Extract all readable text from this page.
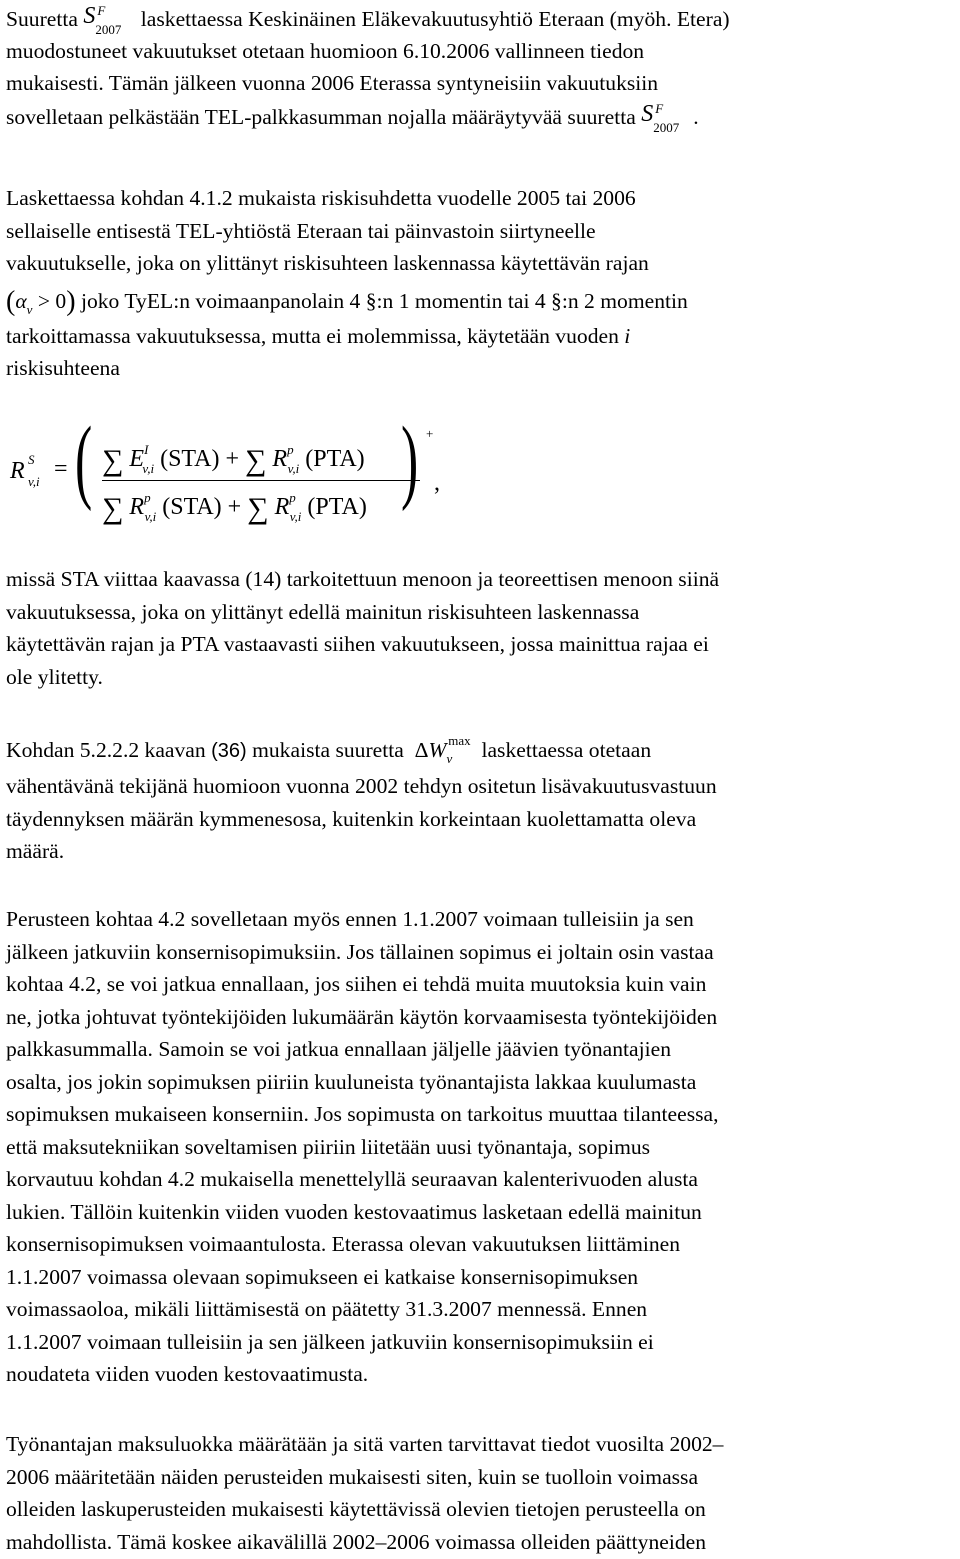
Suuretta S F
2007 laskettaessa Keskinäinen Eläkevakuutusyhtiö Eteraan (myöh. Etera)
muodostuneet vakuutukset otetaan huomioon 6.10.2006 vallinneen tiedon
mukaisesti. Tämän jälkeen vuonna 2006 Eterassa syntyneisiin vakuutuksiin
sovelletaan pelkästään TEL-palkkasumman nojalla määräytyvää suuretta S F
2007 .
Laskettaessa kohdan 4.1.2 mukaista riskisuhdetta vuodelle 2005 tai 2006
sellaiselle entisestä TEL-yhtiöstä Eteraan tai päinvastoin siirtyneelle
vakuutukselle, joka on ylittänyt riskisuhteen laskennassa käytettävän rajan
$(\alpha_v > 0)$ joko TyEL:n voimaanpanolain 4 §:n 1 momentin tai 4 §:n 2 momentin
tarkoittamassa vakuutuksessa, mutta ei molemmissa, käytetään vuoden i
riskisuhteena
R S
v,i = ( ∑ $E^I_{v,i}$ (STA) + ∑ $R^p_{v,i}$ (PTA)
∑ $R^p_{v,i}$ (STA) + ∑ $R^p_{v,i}$ (PTA) ) +
,
missä STA viittaa kaavassa (14) tarkoitettuun menoon ja teoreettisen menoon siinä
vakuutuksessa, joka on ylittänyt edellä mainitun riskisuhteen laskennassa
käytettävän rajan ja PTA vastaavasti siihen vakuutukseen, jossa mainittua rajaa ei
ole ylitetty.
Kohdan 5.2.2.2 kaavan (36) mukaista suuretta $\Delta W_v^{max}$ laskettaessa otetaan
vähentävänä tekijänä huomioon vuonna 2002 tehdyn ositetun lisävakuutusvastuun
täydennyksen määrän kymmenesosa, kuitenkin korkeintaan kuolettamatta oleva
määrä.
Perusteen kohtaa 4.2 sovelletaan myös ennen 1.1.2007 voimaan tulleisiin ja sen
jälkeen jatkuviin konsernisopimuksiin. Jos tällainen sopimus ei joltain osin vastaa
kohtaa 4.2, se voi jatkua ennallaan, jos siihen ei tehdä muita muutoksia kuin vain
ne, jotka johtuvat työntekijöiden lukumäärän käytön korvaamisesta työntekijöiden
palkkasummalla. Samoin se voi jatkua ennallaan jäljelle jäävien työnantajien
osalta, jos jokin sopimuksen piiriin kuuluneista työnantajista lakkaa kuulumasta
sopimuksen mukaiseen konserniin. Jos sopimusta on tarkoitus muuttaa tilanteessa,
että maksutekniikan soveltamisen piiriin liitetään uusi työnantaja, sopimus
korvautuu kohdan 4.2 mukaisella menettelyllä seuraavan kalenterivuoden alusta
lukien. Tällöin kuitenkin viiden vuoden kestovaatimus lasketaan edellä mainitun
konsernisopimuksen voimaantulosta. Eterassa olevan vakuutuksen liittäminen
1.1.2007 voimassa olevaan sopimukseen ei katkaise konsernisopimuksen
voimassaoloa, mikäli liittämisestä on päätetty 31.3.2007 mennessä. Ennen
1.1.2007 voimaan tulleisiin ja sen jälkeen jatkuviin konsernisopimuksiin ei
noudateta viiden vuoden kestovaatimusta.
Työnantajan maksuluokka määrätään ja sitä varten tarvittavat tiedot vuosilta 2002–
2006 määritetään näiden perusteiden mukaisesti siten, kuin se tuolloin voimassa
olleiden laskuperusteiden mukaisesti käytettävissä olevien tietojen perusteella on
mahdollista. Tämä koskee aikavälillä 2002–2006 voimassa olleiden päättyneiden
